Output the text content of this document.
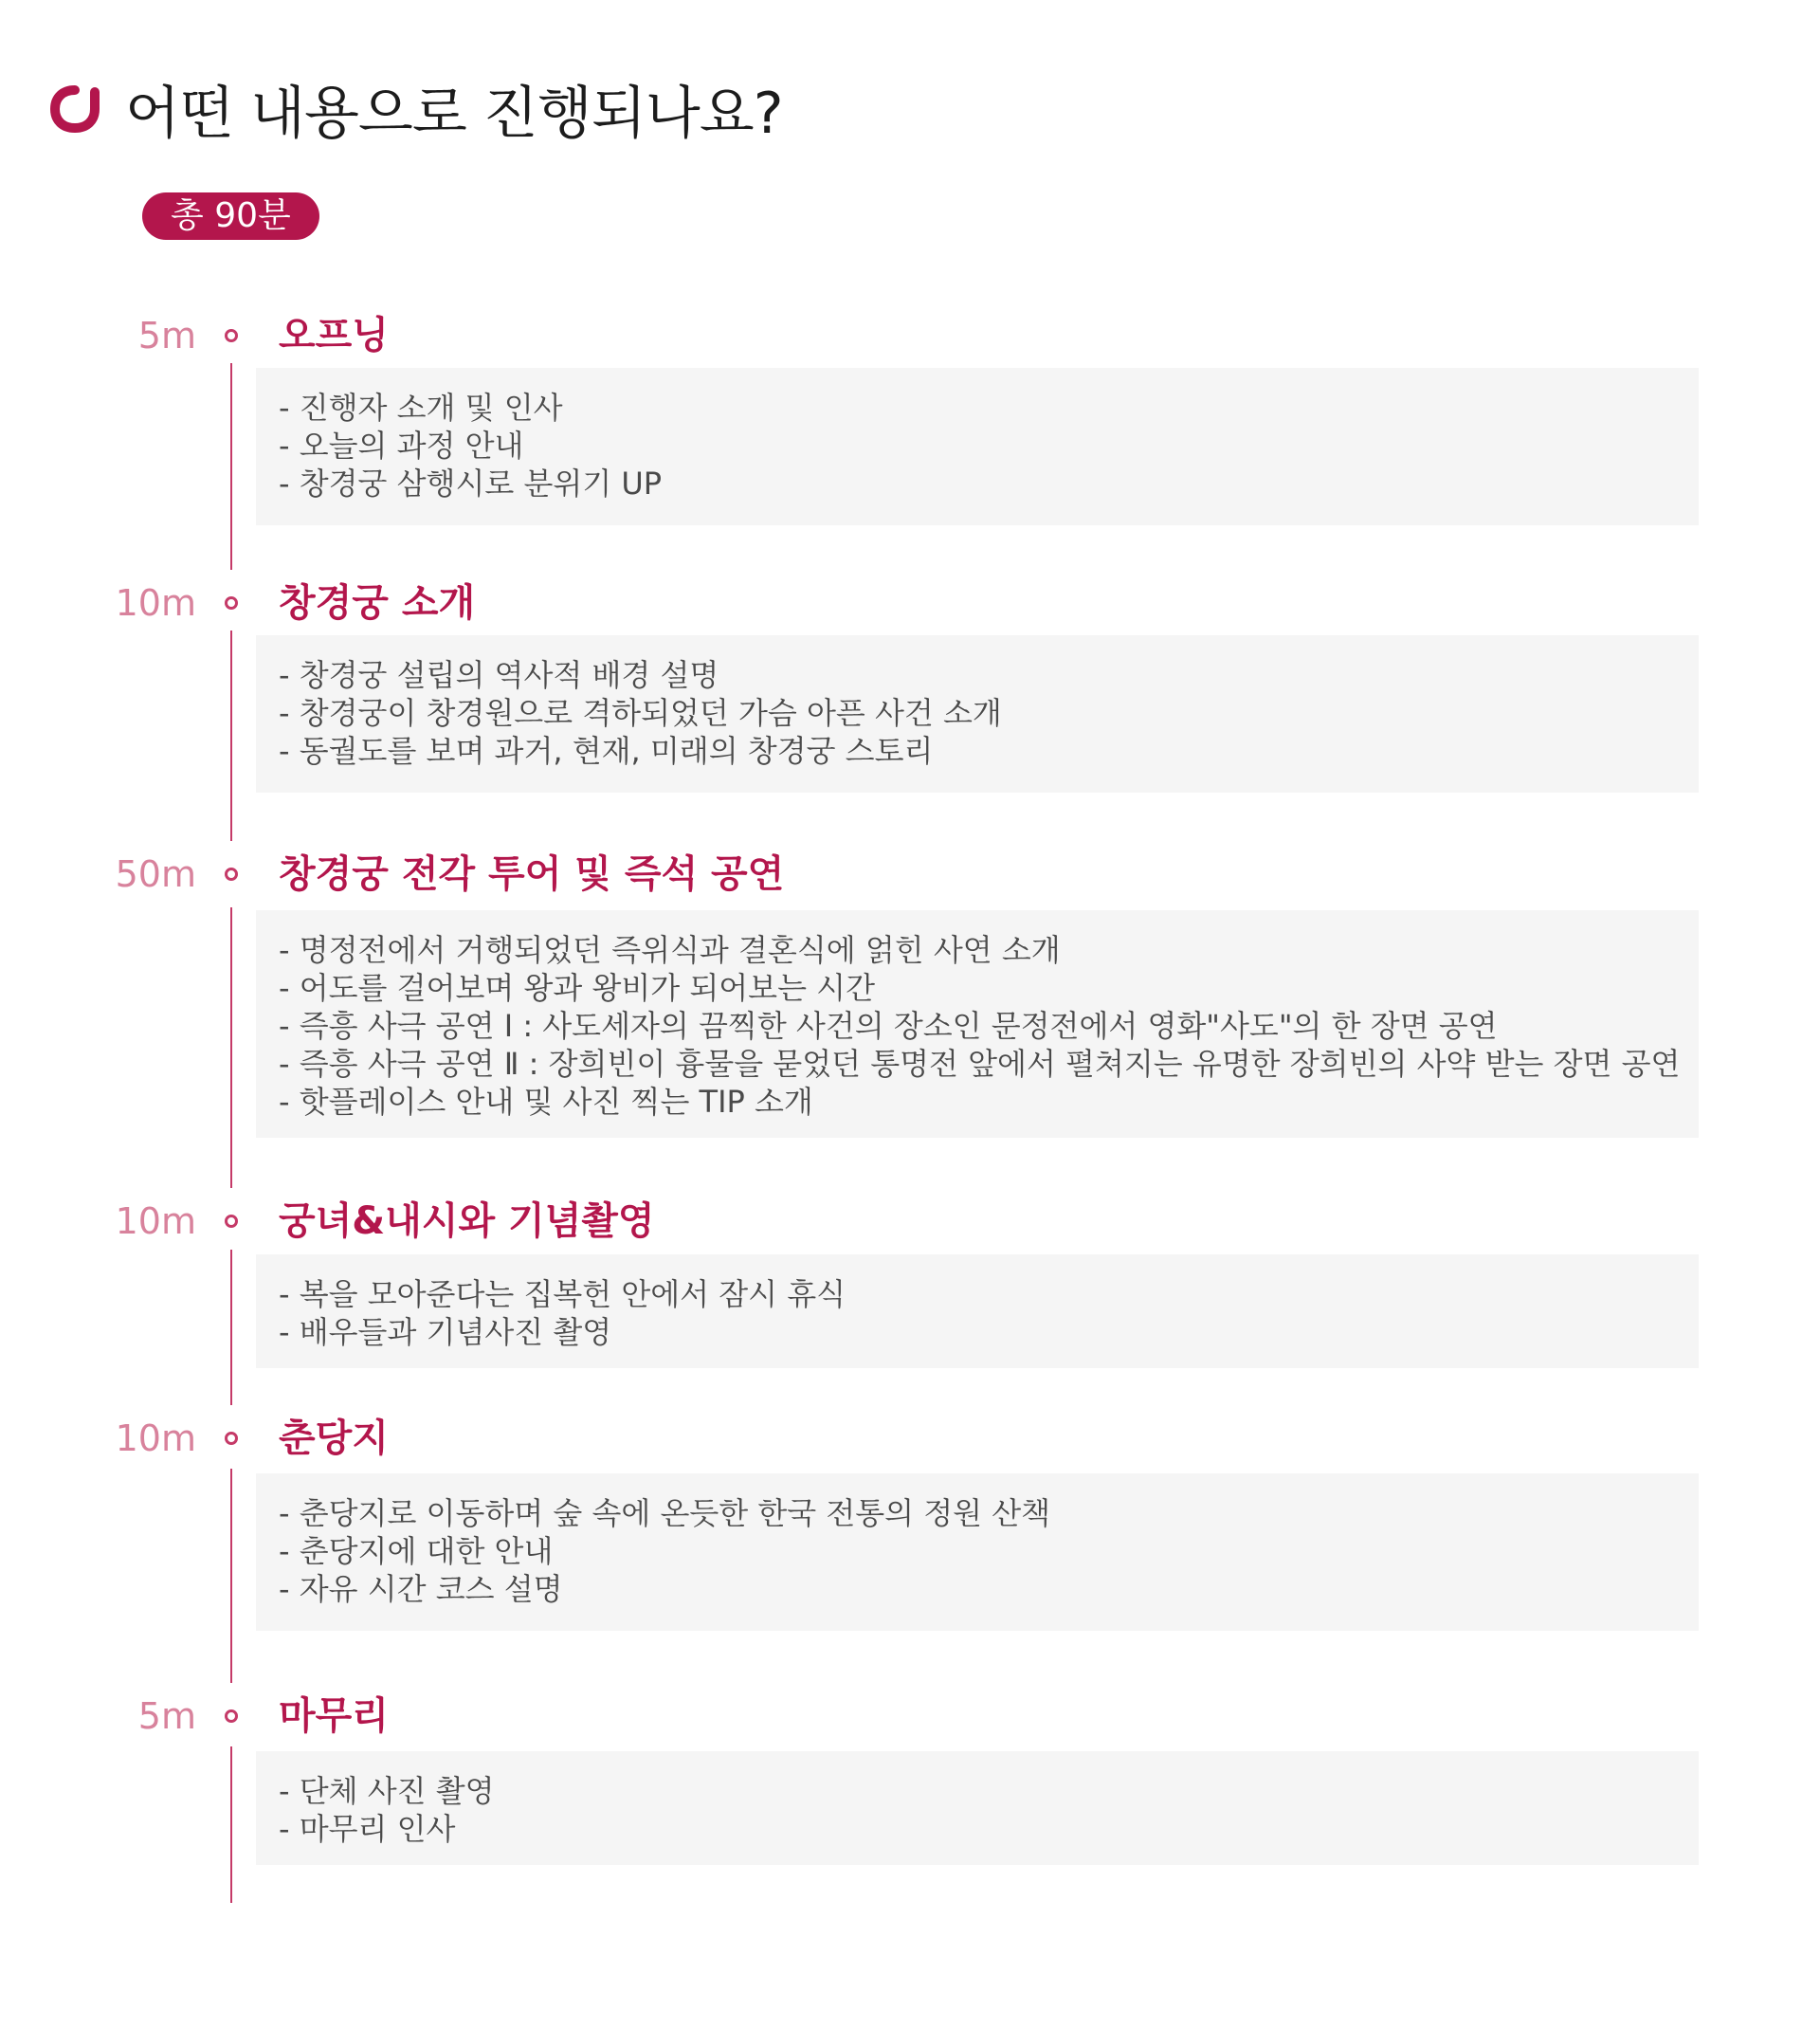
어떤 내용으로 진행되나요?
총 90분
5m 오프닝
- 진행자 소개 및 인사
- 오늘의 과정 안내
- 창경궁 삼행시로 분위기 UP
10m 창경궁 소개
- 창경궁 설립의 역사적 배경 설명
- 창경궁이 창경원으로 격하되었던 가슴 아픈 사건 소개
- 동궐도를 보며 과거, 현재, 미래의 창경궁 스토리
50m 창경궁 전각 투어 및 즉석 공연
- 명정전에서 거행되었던 즉위식과 결혼식에 얽힌 사연 소개
- 어도를 걸어보며 왕과 왕비가 되어보는 시간
- 즉흥 사극 공연 Ⅰ : 사도세자의 끔찍한 사건의 장소인 문정전에서 영화"사도"의 한 장면 공연
- 즉흥 사극 공연 Ⅱ : 장희빈이 흉물을 묻었던 통명전 앞에서 펼쳐지는 유명한 장희빈의 사약 받는 장면 공연
- 핫플레이스 안내 및 사진 찍는 TIP 소개
10m 궁녀&내시와 기념촬영
- 복을 모아준다는 집복헌 안에서 잠시 휴식
- 배우들과 기념사진 촬영
10m 춘당지
- 춘당지로 이동하며 숲 속에 온듯한 한국 전통의 정원 산책
- 춘당지에 대한 안내
- 자유 시간 코스 설명
5m 마무리
- 단체 사진 촬영
- 마무리 인사
